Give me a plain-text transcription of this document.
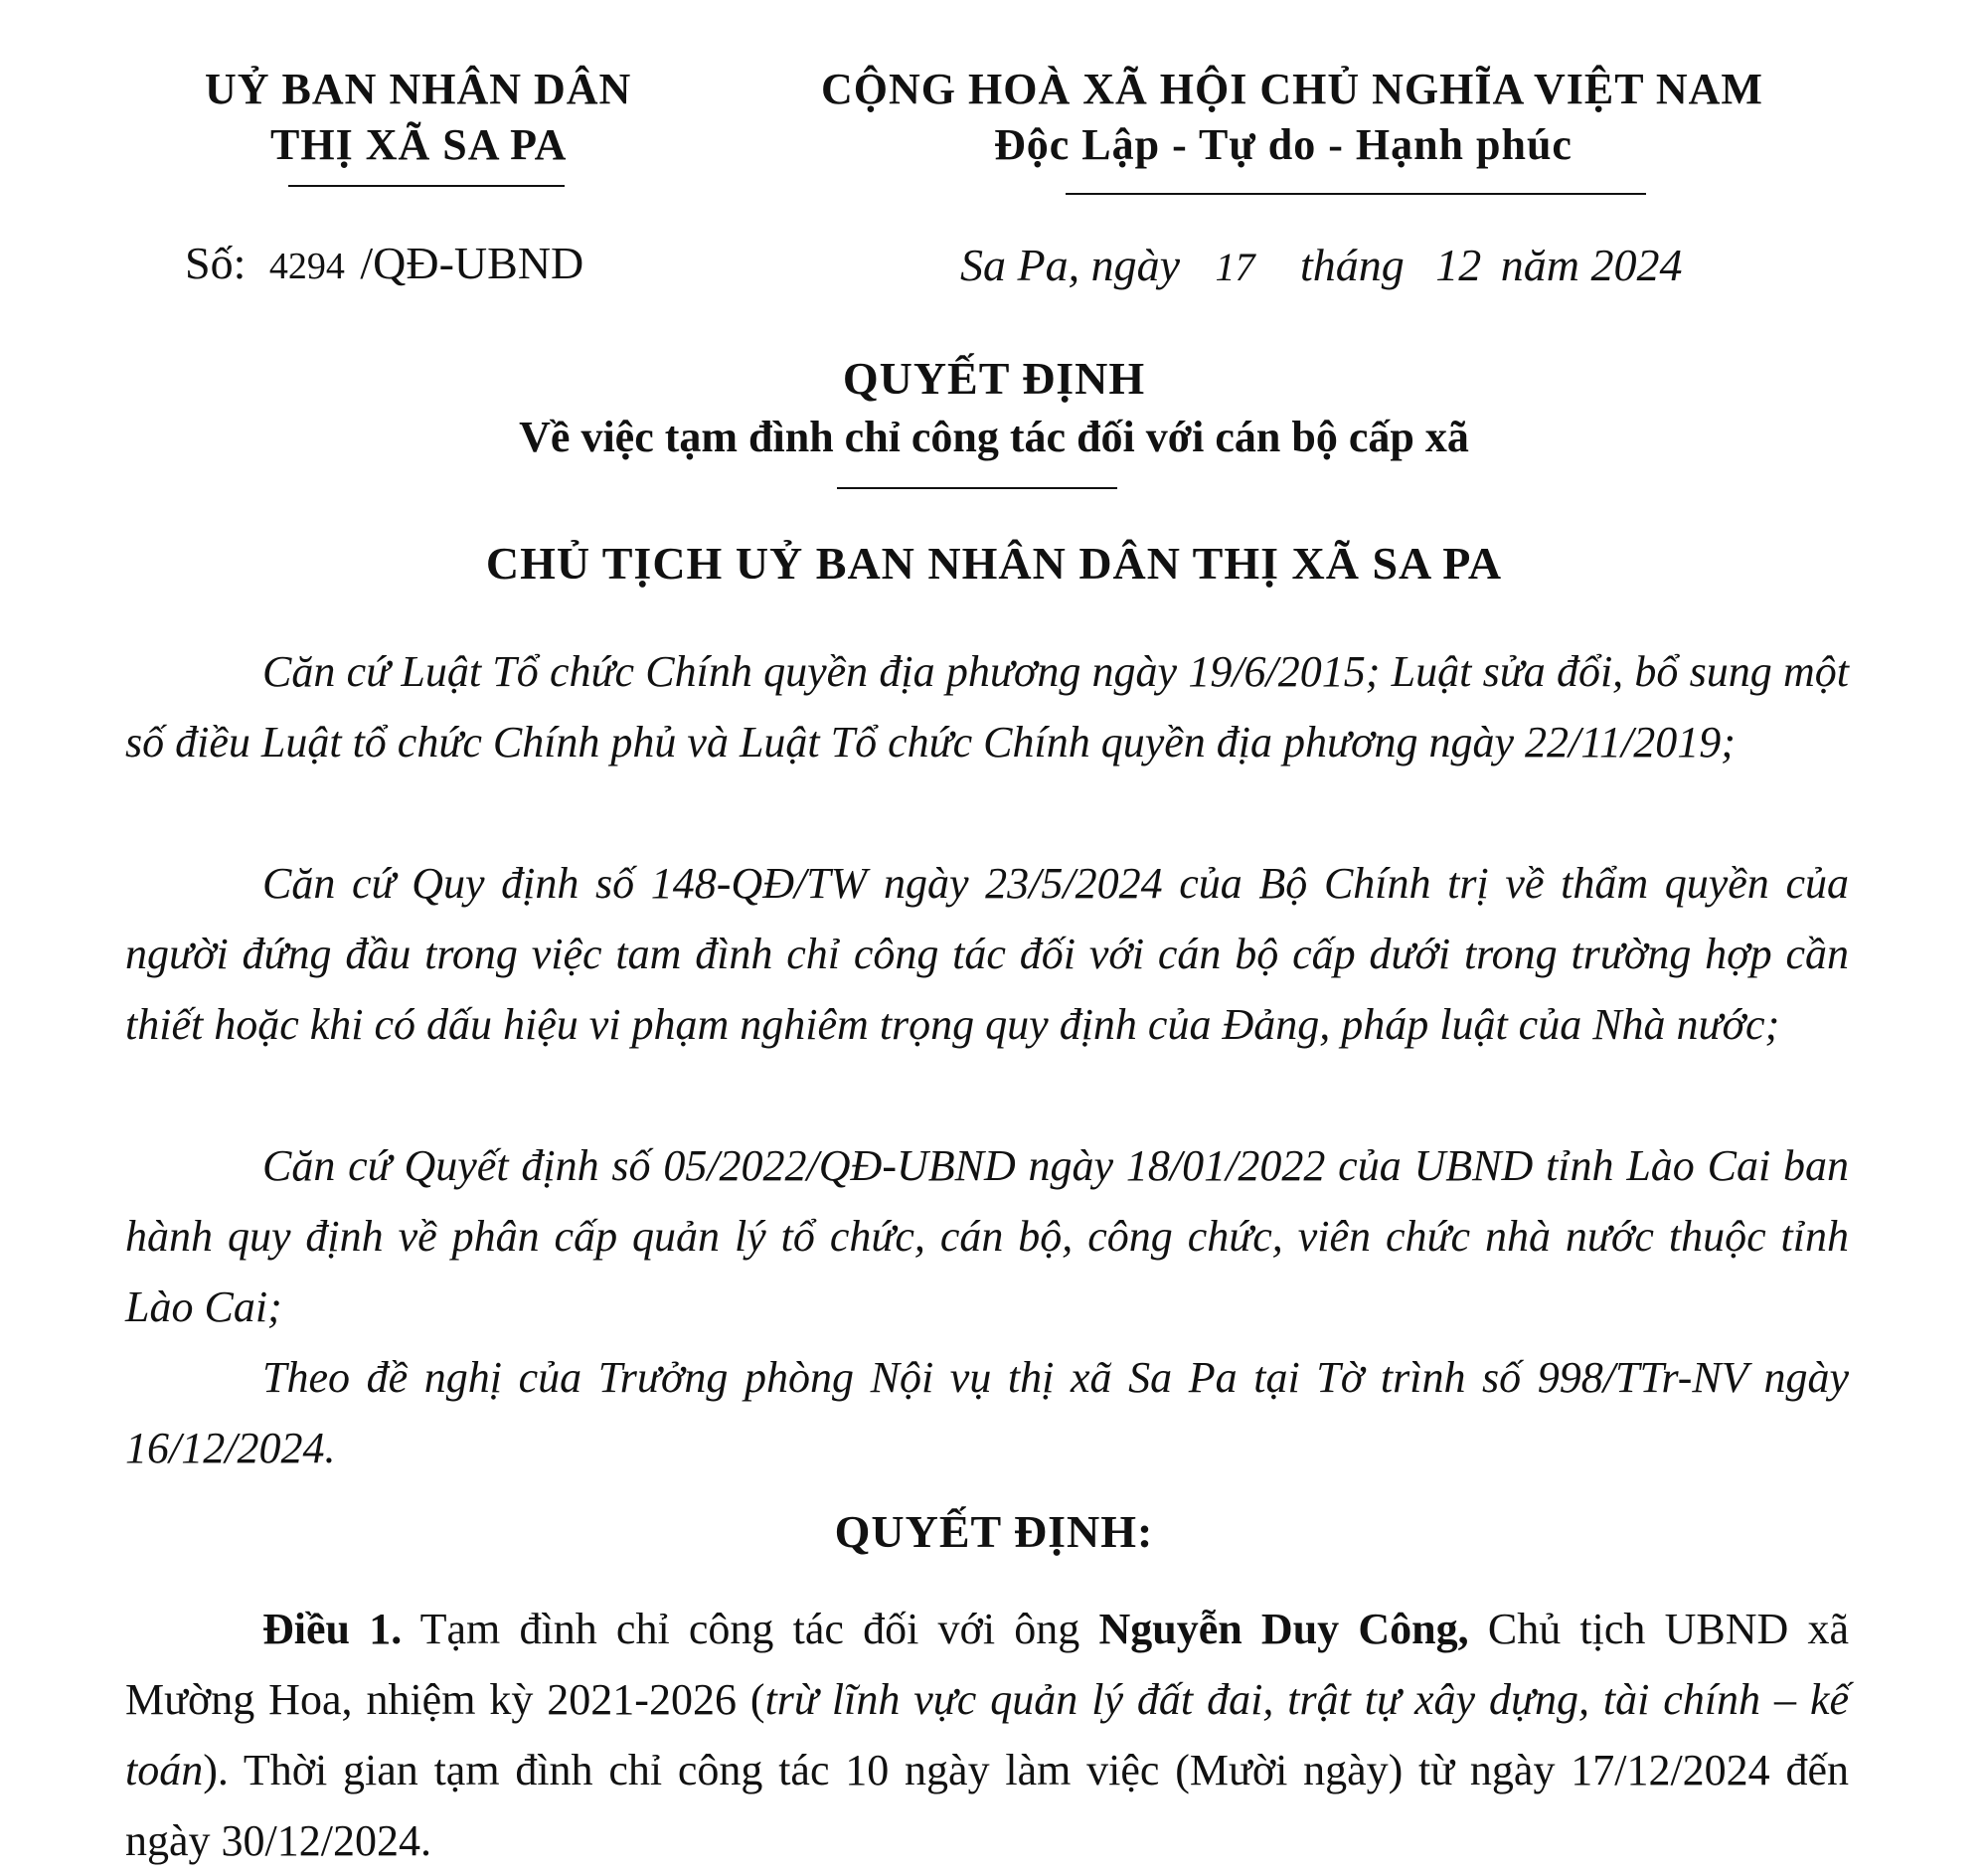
UỶ BAN NHÂN DÂN
THỊ XÃ SA PA
CỘNG HOÀ XÃ HỘI CHỦ NGHĨA VIỆT NAM
Độc Lập - Tự do - Hạnh phúc
Số: 4294 /QĐ-UBND	Sa Pa, ngày 17 tháng 12 năm 2024
QUYẾT ĐỊNH
Về việc tạm đình chỉ công tác đối với cán bộ cấp xã
CHỦ TỊCH UỶ BAN NHÂN DÂN THỊ XÃ SA PA
Căn cứ Luật Tổ chức Chính quyền địa phương ngày 19/6/2015; Luật sửa đổi, bổ sung một số điều Luật tổ chức Chính phủ và Luật Tổ chức Chính quyền địa phương ngày 22/11/2019;
Căn cứ Quy định số 148-QĐ/TW ngày 23/5/2024 của Bộ Chính trị về thẩm quyền của người đứng đầu trong việc tam đình chỉ công tác đối với cán bộ cấp dưới trong trường hợp cần thiết hoặc khi có dấu hiệu vi phạm nghiêm trọng quy định của Đảng, pháp luật của Nhà nước;
Căn cứ Quyết định số 05/2022/QĐ-UBND ngày 18/01/2022 của UBND tỉnh Lào Cai ban hành quy định về phân cấp quản lý tổ chức, cán bộ, công chức, viên chức nhà nước thuộc tỉnh Lào Cai;
Theo đề nghị của Trưởng phòng Nội vụ thị xã Sa Pa tại Tờ trình số 998/TTr-NV ngày 16/12/2024.
QUYẾT ĐỊNH:
Điều 1. Tạm đình chỉ công tác đối với ông Nguyễn Duy Công, Chủ tịch UBND xã Mường Hoa, nhiệm kỳ 2021-2026 (trừ lĩnh vực quản lý đất đai, trật tự xây dựng, tài chính – kế toán). Thời gian tạm đình chỉ công tác 10 ngày làm việc (Mười ngày) từ ngày 17/12/2024 đến ngày 30/12/2024.
